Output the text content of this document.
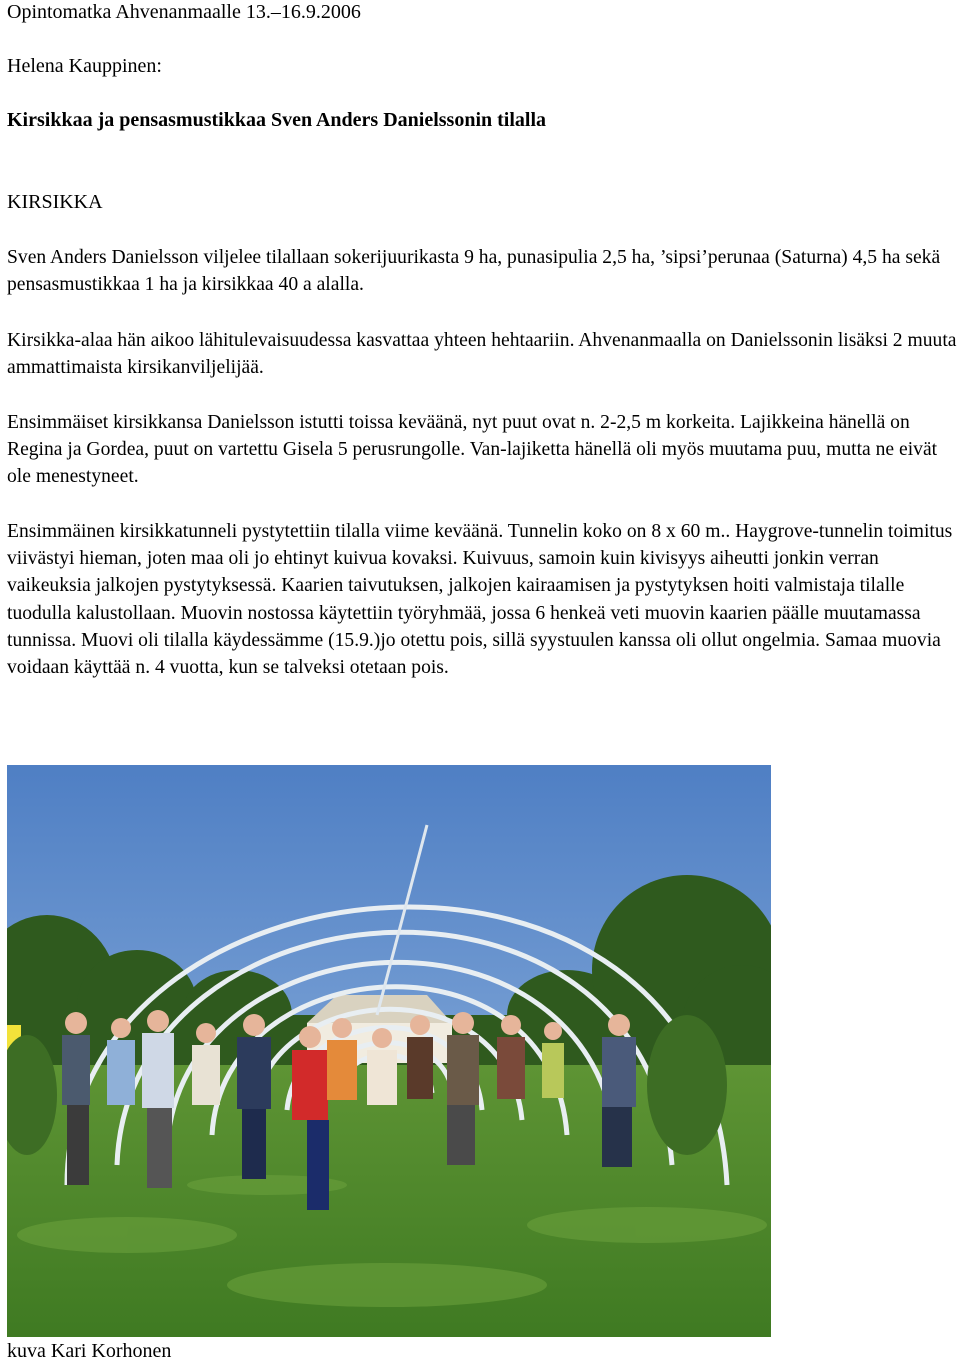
Opintomatka Ahvenanmaalle 13.–16.9.2006

Helena Kauppinen:

Kirsikkaa ja pensasmustikkaa Sven Anders Danielssonin tilalla

KIRSIKKA

Sven Anders Danielsson viljelee tilallaan sokerijuurikasta 9 ha, punasipulia 2,5 ha, ’sipsi’perunaa (Saturna) 4,5 ha sekä pensasmustikkaa 1 ha ja kirsikkaa 40 a alalla.

Kirsikka-alaa hän aikoo lähitulevaisuudessa kasvattaa yhteen hehtaariin. Ahvenanmaalla on Danielssonin lisäksi 2 muuta ammattimaista kirsikanviljelijää.

Ensimmäiset kirsikkansa Danielsson istutti toissa keväänä, nyt puut ovat n. 2-2,5 m korkeita. Lajikkeina hänellä on Regina ja Gordea, puut on vartettu Gisela 5 perusrungolle. Van-lajiketta hänellä oli myös muutama puu, mutta ne eivät ole menestyneet.

Ensimmäinen kirsikkatunneli pystytettiin tilalla viime keväänä. Tunnelin koko on 8 x 60 m.. Haygrove-tunnelin toimitus viivästyi hieman, joten maa oli jo ehtinyt kuivua kovaksi. Kuivuus, samoin kuin kivisyys aiheutti jonkin verran vaikeuksia jalkojen pystytyksessä. Kaarien taivutuksen, jalkojen kairaamisen ja pystytyksen hoiti valmistaja tilalle tuodulla kalustollaan. Muovin nostossa käytettiin työryhmää, jossa 6 henkeä veti muovin kaarien päälle muutamassa tunnissa. Muovi oli tilalla käydessämme (15.9.)jo otettu pois, sillä syystuulen kanssa oli ollut ongelmia. Samaa muovia voidaan käyttää n. 4 vuotta, kun se talveksi otetaan pois.

kuva Kari Korhonen
